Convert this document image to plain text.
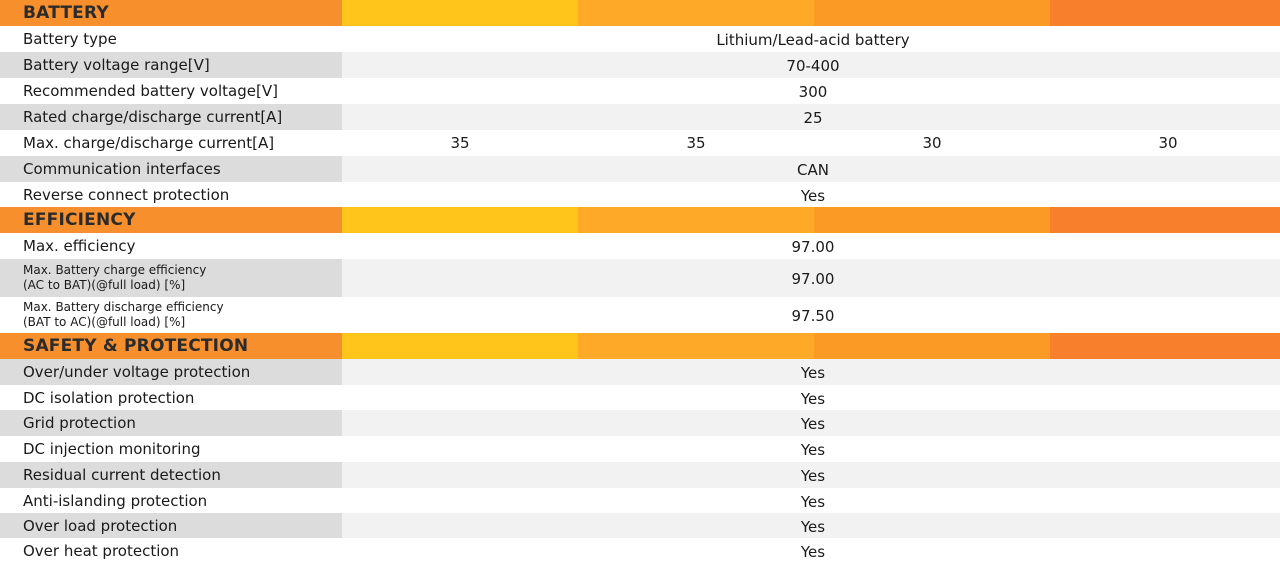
BATTERY
Battery type	Lithium/Lead-acid battery
Battery voltage range[V]	70-400
Recommended battery voltage[V]	300
Rated charge/discharge current[A]	25
Max. charge/discharge current[A]	35	35	30	30
Communication interfaces	CAN
Reverse connect protection	Yes
EFFICIENCY
Max. efficiency	97.00
Max. Battery charge efficiency
(AC to BAT)(@full load) [%]	97.00
Max. Battery discharge efficiency
(BAT to AC)(@full load) [%]	97.50
SAFETY & PROTECTION
Over/under voltage protection	Yes
DC isolation protection	Yes
Grid protection	Yes
DC injection monitoring	Yes
Residual current detection	Yes
Anti-islanding protection	Yes
Over load protection	Yes
Over heat protection	Yes
